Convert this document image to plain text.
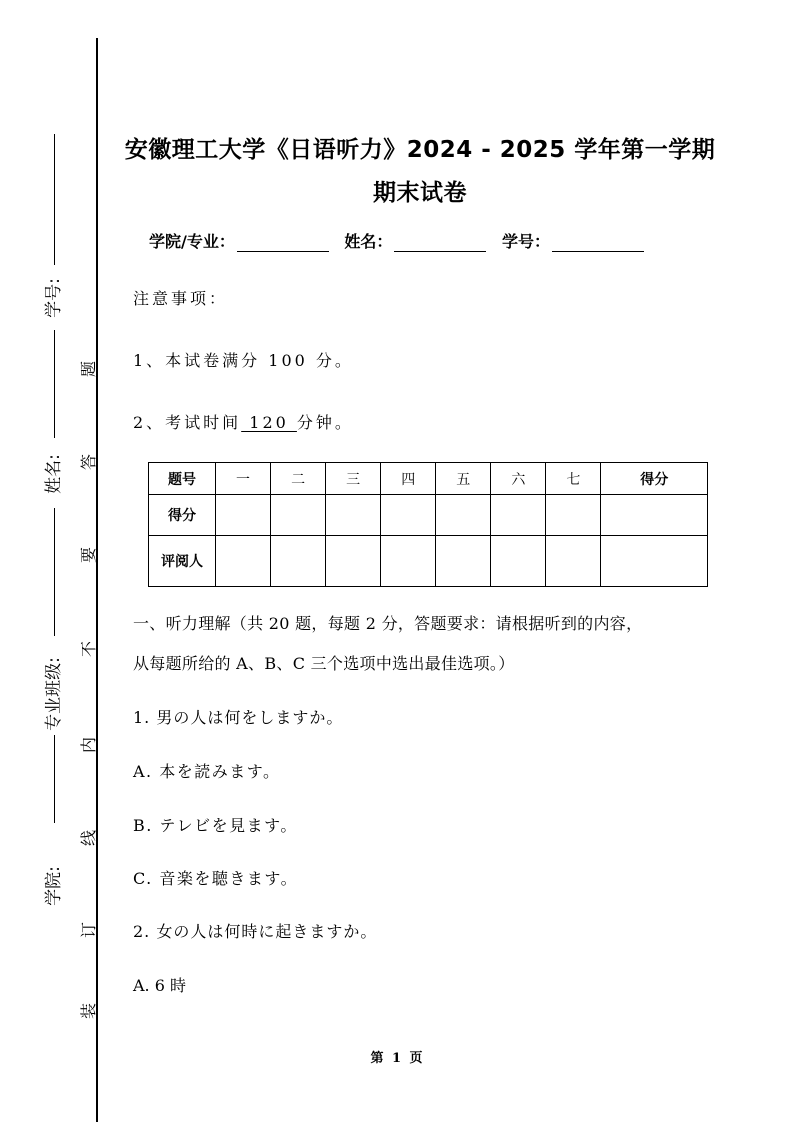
学号:
姓名:
专业班级:
学院:
题
答
要
不
内
线
订
装
安徽理工大学《日语听力》2024 - 2025 学年第一学期
期末试卷
学院/专业：	姓名：	学号：
注意事项：
1、本试卷满分 100 分。
2、考试时间 120 分钟。
题号	一	二	三	四	五	六	七	得分
得分								
评阅人								
一、听力理解（共 20 题，每题 2 分，答题要求：请根据听到的内容，
从每题所给的 A、B、C 三个选项中选出最佳选项。）
1. 男の人は何をしますか。
A. 本を読みます。
B. テレビを見ます。
C. 音楽を聴きます。
2. 女の人は何時に起きますか。
A. 6 時
第 1 页
